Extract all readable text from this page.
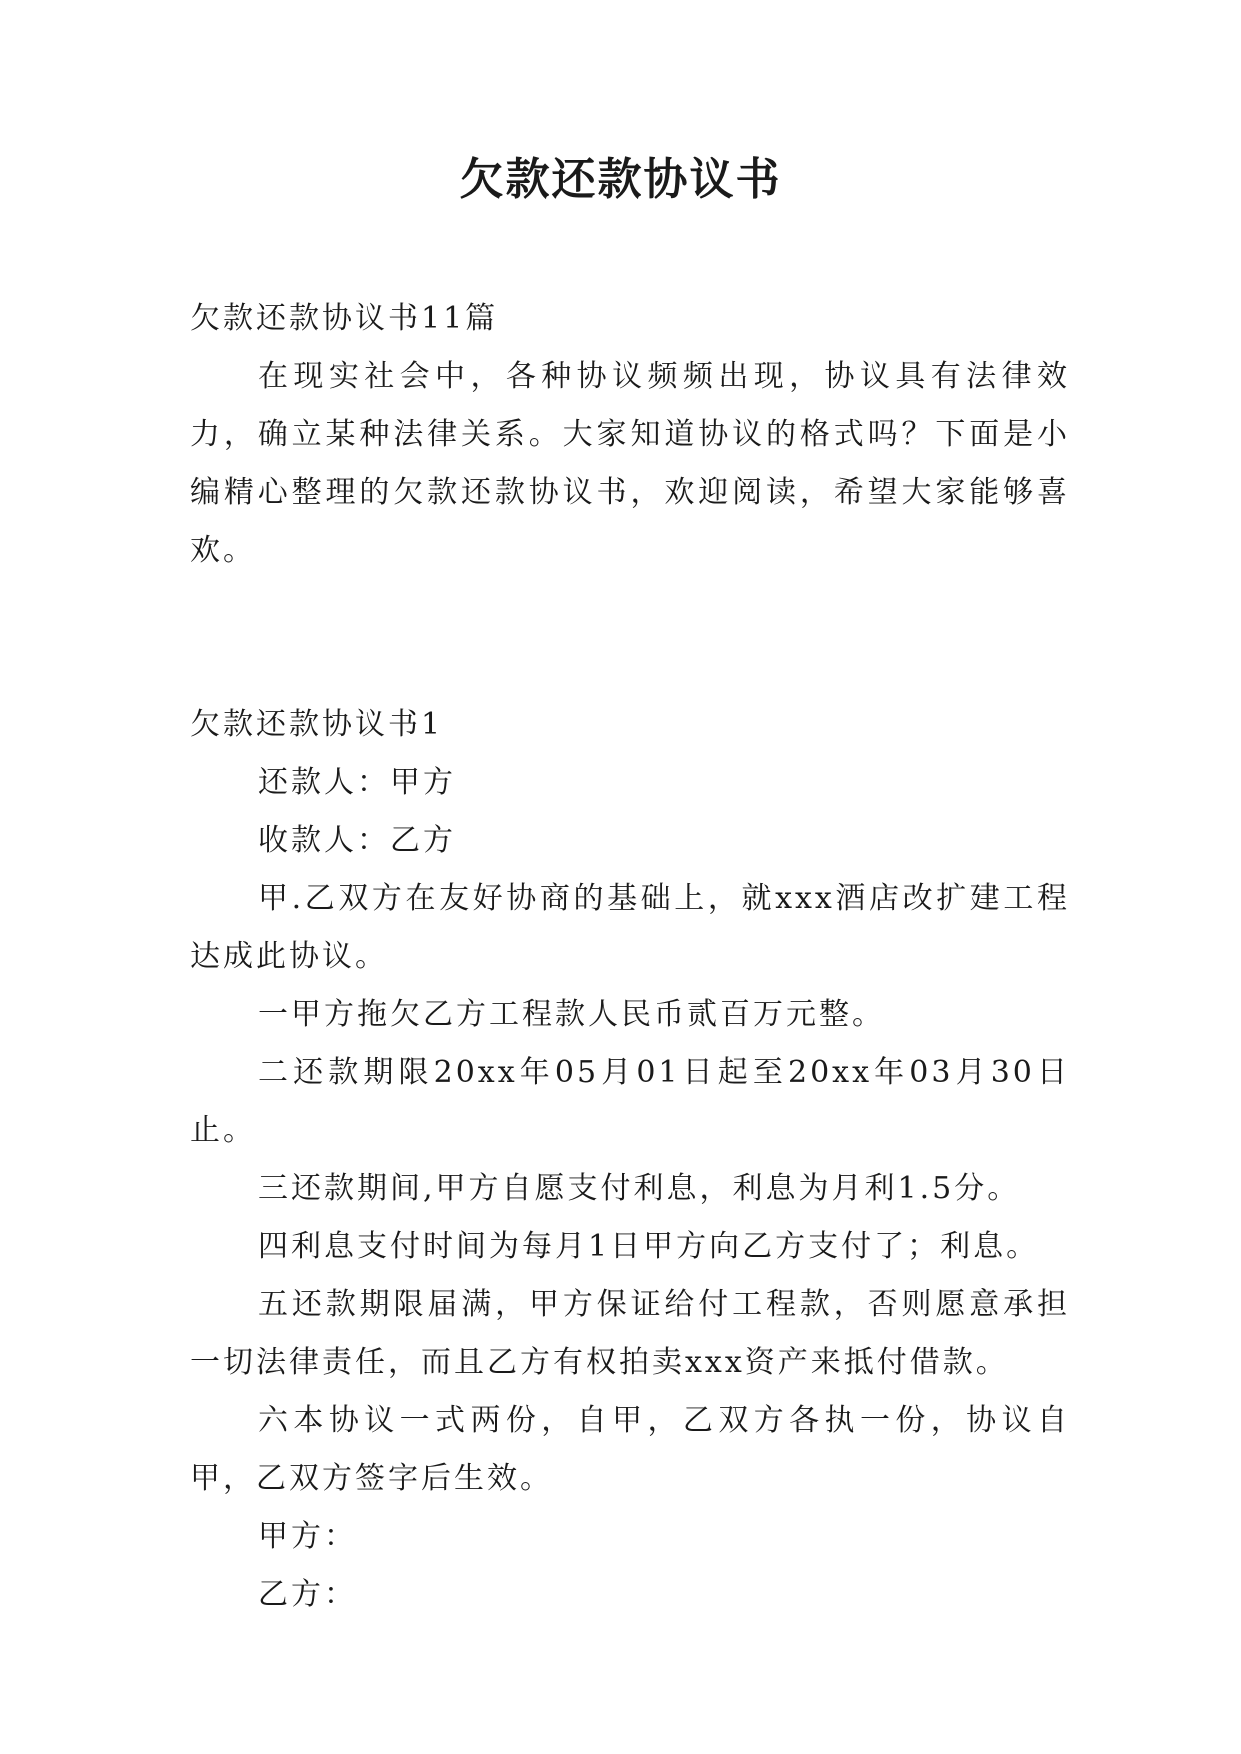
欠款还款协议书

欠款还款协议书11篇

在现实社会中，各种协议频频出现，协议具有法律效力，确立某种法律关系。大家知道协议的格式吗？下面是小编精心整理的欠款还款协议书，欢迎阅读，希望大家能够喜欢。

欠款还款协议书1

还款人：甲方

收款人：乙方

甲.乙双方在友好协商的基础上，就xxx酒店改扩建工程达成此协议。

一甲方拖欠乙方工程款人民币贰百万元整。

二还款期限20xx年05月01日起至20xx年03月30日止。

三还款期间,甲方自愿支付利息，利息为月利1.5分。

四利息支付时间为每月1日甲方向乙方支付了；利息。

五还款期限届满，甲方保证给付工程款，否则愿意承担一切法律责任，而且乙方有权拍卖xxx资产来抵付借款。

六本协议一式两份，自甲，乙双方各执一份，协议自甲，乙双方签字后生效。

甲方：

乙方：
